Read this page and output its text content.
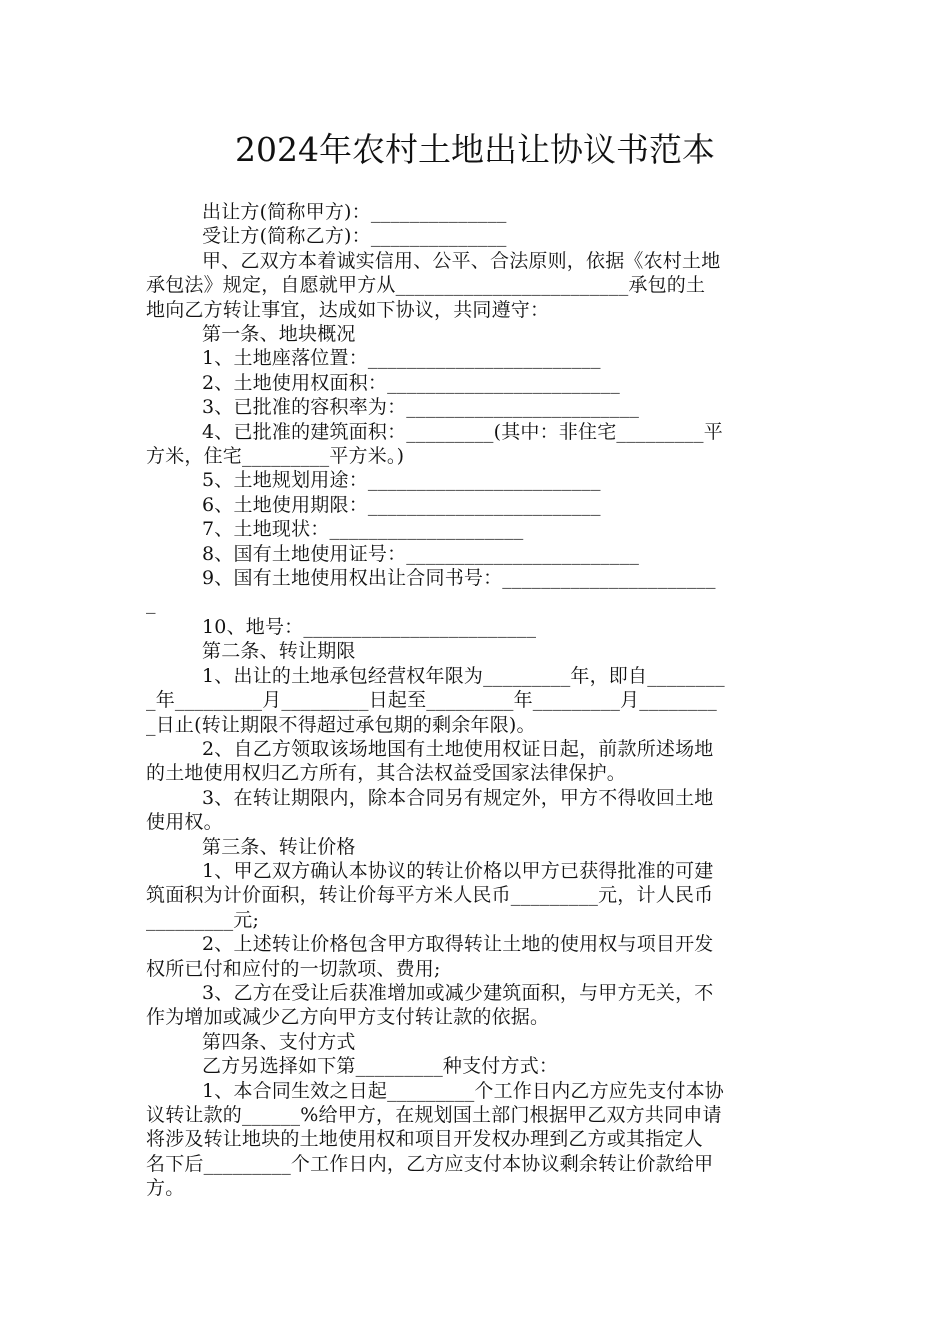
2024年农村土地出让协议书范本
出让方(简称甲方)：______________
受让方(简称乙方)：______________
甲、乙双方本着诚实信用、公平、合法原则，依据《农村土地
承包法》规定，自愿就甲方从________________________承包的土
地向乙方转让事宜，达成如下协议，共同遵守：
第一条、地块概况
1、土地座落位置：________________________
2、土地使用权面积：________________________
3、已批准的容积率为：________________________
4、已批准的建筑面积：_________(其中：非住宅_________平
方米，住宅_________平方米。)
5、土地规划用途：________________________
6、土地使用期限：________________________
7、土地现状：____________________
8、国有土地使用证号：________________________
9、国有土地使用权出让合同书号：______________________
_
10、地号：________________________
第二条、转让期限
1、出让的土地承包经营权年限为_________年，即自________
_年_________月_________日起至_________年_________月________
_日止(转让期限不得超过承包期的剩余年限)。
2、自乙方领取该场地国有土地使用权证日起，前款所述场地
的土地使用权归乙方所有，其合法权益受国家法律保护。
3、在转让期限内，除本合同另有规定外，甲方不得收回土地
使用权。
第三条、转让价格
1、甲乙双方确认本协议的转让价格以甲方已获得批准的可建
筑面积为计价面积，转让价每平方米人民币_________元，计人民币
_________元;
2、上述转让价格包含甲方取得转让土地的使用权与项目开发
权所已付和应付的一切款项、费用;
3、乙方在受让后获准增加或减少建筑面积，与甲方无关，不
作为增加或减少乙方向甲方支付转让款的依据。
第四条、支付方式
乙方另选择如下第_________种支付方式：
1、本合同生效之日起_________个工作日内乙方应先支付本协
议转让款的______%给甲方，在规划国土部门根据甲乙双方共同申请
将涉及转让地块的土地使用权和项目开发权办理到乙方或其指定人
名下后_________个工作日内，乙方应支付本协议剩余转让价款给甲
方。
